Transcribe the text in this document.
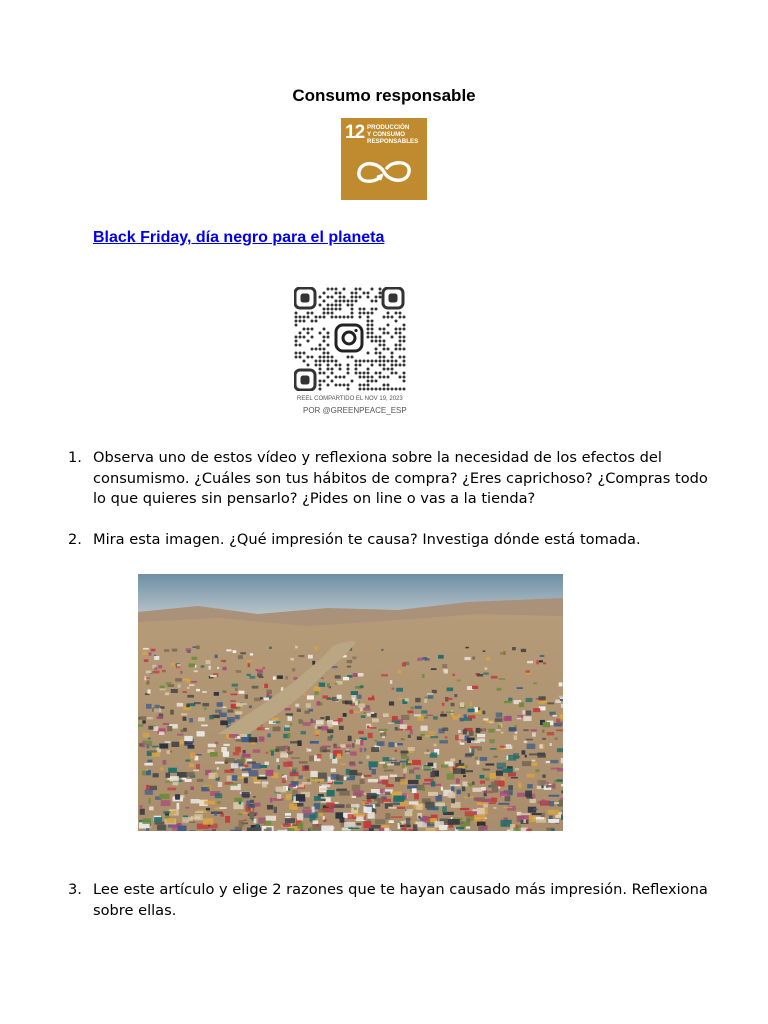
Consumo responsable
12 PRODUCCIÓN
Y CONSUMO
RESPONSABLES
Black Friday, día negro para el planeta
REEL COMPARTIDO EL NOV 19, 2023
POR @GREENPEACE_ESP
1. Observa uno de estos vídeo y reflexiona sobre la necesidad de los efectos del consumismo. ¿Cuáles son tus hábitos de compra? ¿Eres caprichoso? ¿Compras todo lo que quieres sin pensarlo? ¿Pides on line o vas a la tienda?
2. Mira esta imagen. ¿Qué impresión te causa? Investiga dónde está tomada.
3. Lee este artículo y elige 2 razones que te hayan causado más impresión. Reflexiona sobre ellas.
